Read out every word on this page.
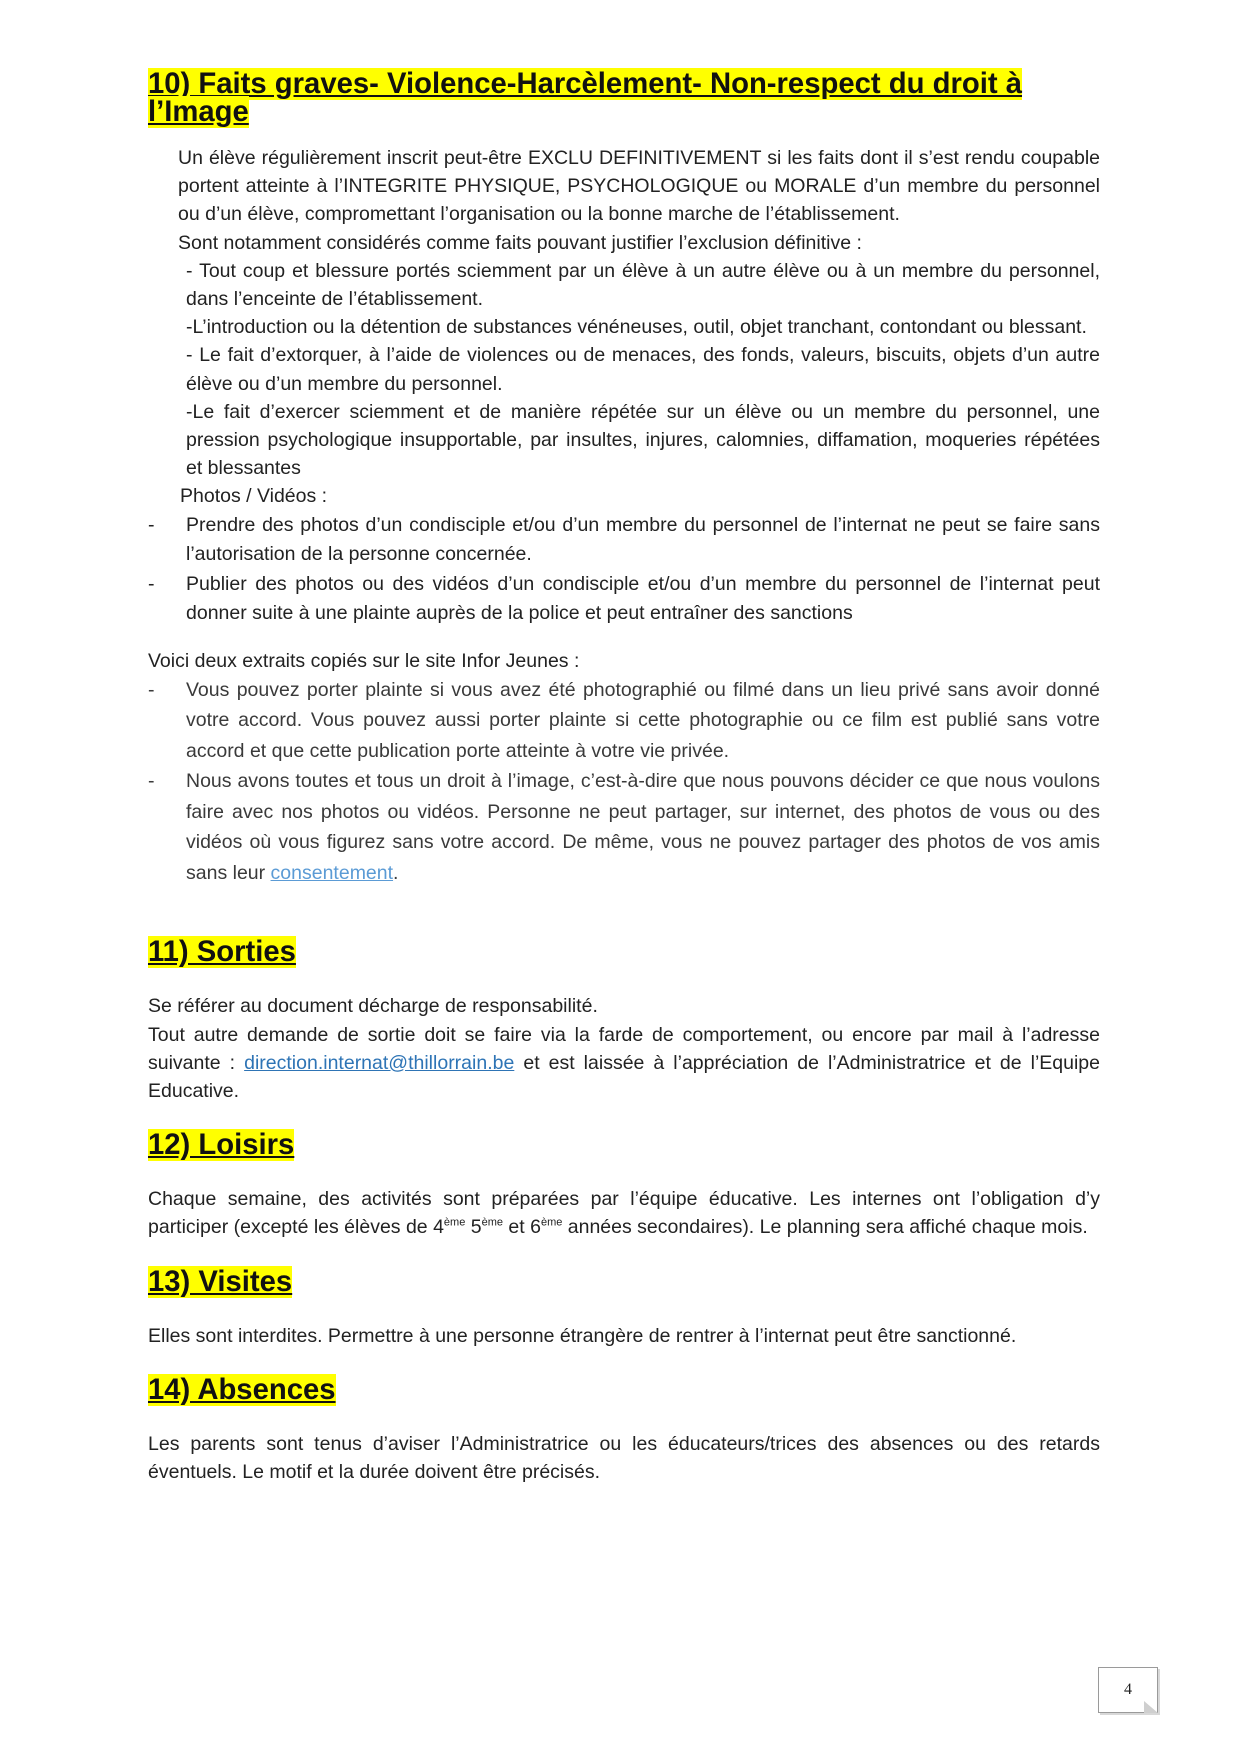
10) Faits graves- Violence-Harcèlement- Non-respect du droit à l’Image

Un élève régulièrement inscrit peut-être EXCLU DEFINITIVEMENT si les faits dont il s’est rendu coupable portent atteinte à l’INTEGRITE PHYSIQUE, PSYCHOLOGIQUE ou MORALE d’un membre du personnel ou d’un élève, compromettant l’organisation ou la bonne marche de l’établissement.

Sont notamment considérés comme faits pouvant justifier l’exclusion définitive :

- Tout coup et blessure portés sciemment par un élève à un autre élève ou à un membre du personnel, dans l’enceinte de l’établissement.

-L’introduction ou la détention de substances vénéneuses, outil, objet tranchant, contondant ou blessant.

- Le fait d’extorquer, à l’aide de violences ou de menaces, des fonds, valeurs, biscuits, objets d’un autre élève ou d’un membre du personnel.

-Le fait d’exercer sciemment et de manière répétée sur un élève ou un membre du personnel, une pression psychologique insupportable, par insultes, injures, calomnies, diffamation, moqueries répétées et blessantes

Photos / Vidéos :

- Prendre des photos d’un condisciple et/ou d’un membre du personnel de l’internat ne peut se faire sans l’autorisation de la personne concernée.
- Publier des photos ou des vidéos d’un condisciple et/ou d’un membre du personnel de l’internat peut donner suite à une plainte auprès de la police et peut entraîner des sanctions

Voici deux extraits copiés sur le site Infor Jeunes :

- Vous pouvez porter plainte si vous avez été photographié ou filmé dans un lieu privé sans avoir donné votre accord. Vous pouvez aussi porter plainte si cette photographie ou ce film est publié sans votre accord et que cette publication porte atteinte à votre vie privée.
- Nous avons toutes et tous un droit à l’image, c’est-à-dire que nous pouvons décider ce que nous voulons faire avec nos photos ou vidéos. Personne ne peut partager, sur internet, des photos de vous ou des vidéos où vous figurez sans votre accord. De même, vous ne pouvez partager des photos de vos amis sans leur consentement.
11) Sorties

Se référer au document décharge de responsabilité.

Tout autre demande de sortie doit se faire via la farde de comportement, ou encore par mail à l’adresse suivante : direction.internat@thillorrain.be et est laissée à l’appréciation de l’Administratrice et de l’Equipe Educative.

12) Loisirs

Chaque semaine, des activités sont préparées par l’équipe éducative. Les internes ont l’obligation d’y participer (excepté les élèves de 4ème 5ème et 6ème années secondaires). Le planning sera affiché chaque mois.

13) Visites

Elles sont interdites. Permettre à une personne étrangère de rentrer à l’internat peut être sanctionné.

14) Absences

Les parents sont tenus d’aviser l’Administratrice ou les éducateurs/trices des absences ou des retards éventuels. Le motif et la durée doivent être précisés.

4
